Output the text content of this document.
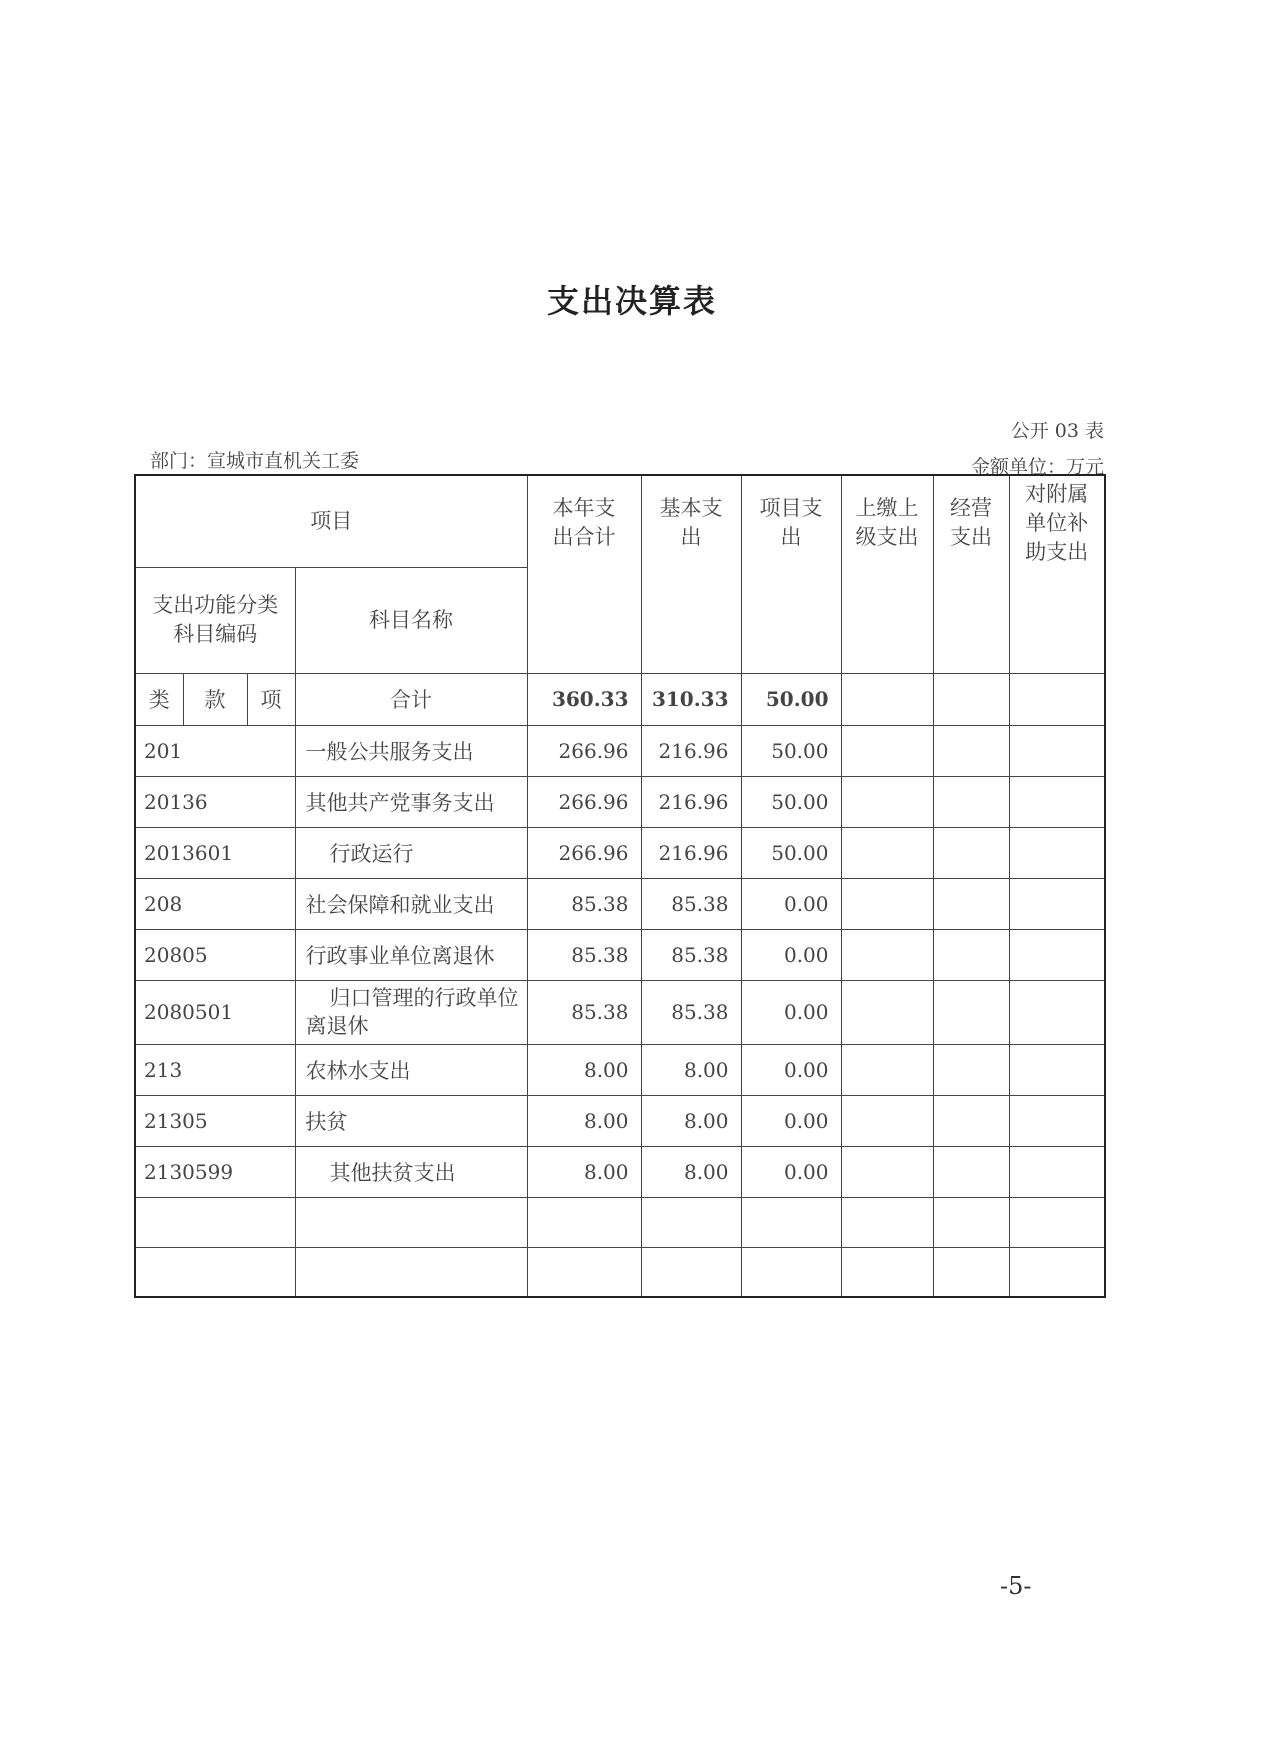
支出决算表
公开 03 表
部门：宣城市直机关工委	金额单位：万元
项目				本年支出合计	基本支出	项目支出	上缴上级支出	经营支出	对附属单位补助支出

支出功能分类科目编码			科目名称						
类	款	项	合计	360.33	310.33	50.00			
201			一般公共服务支出	266.96	216.96	50.00			
20136			其他共产党事务支出	266.96	216.96	50.00			
2013601			行政运行	266.96	216.96	50.00			
208			社会保障和就业支出	85.38	85.38	0.00			
20805			行政事业单位离退休	85.38	85.38	0.00			
2080501			归口管理的行政单位离退休	85.38	85.38	0.00			
213			农林水支出	8.00	8.00	0.00			
21305			扶贫	8.00	8.00	0.00			
2130599			其他扶贫支出	8.00	8.00	0.00			

-5-
